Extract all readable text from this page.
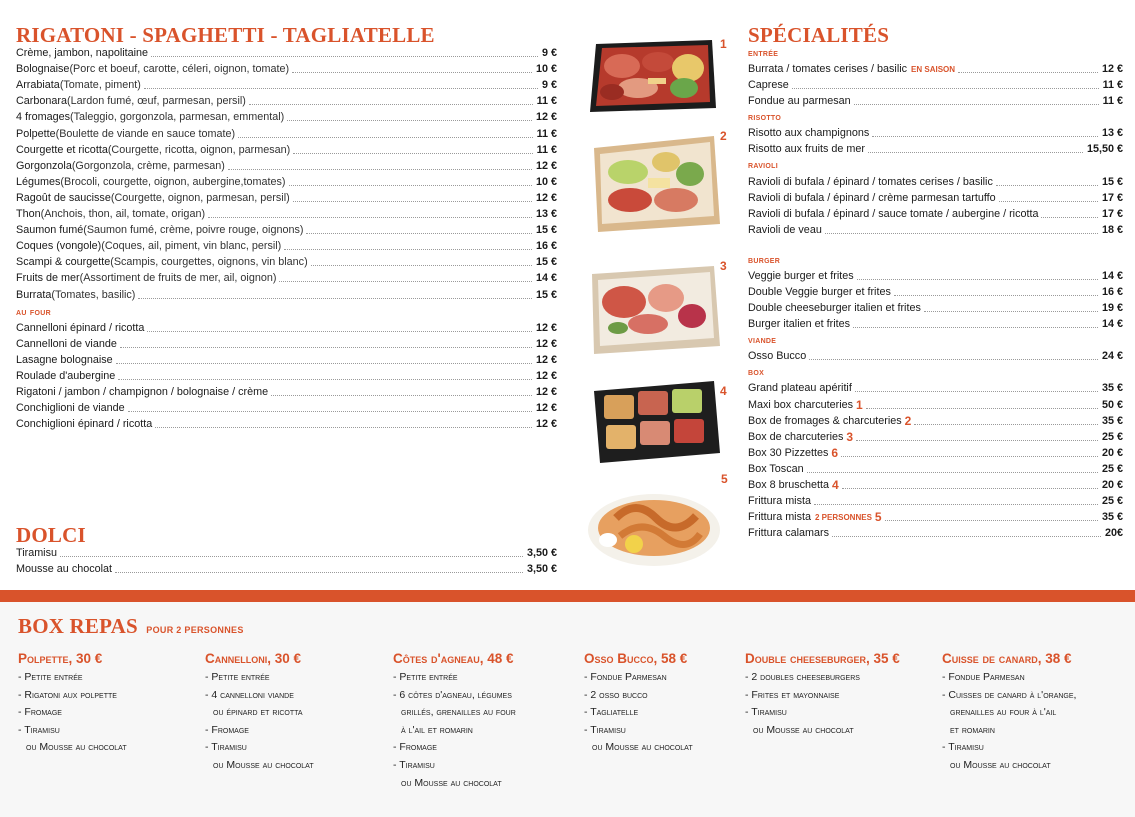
RIGATONI - SPAGHETTI - TAGLIATELLE
Crème, jambon, napolitaine	9 €
Bolognaise (Porc et boeuf, carotte, céleri, oignon, tomate)	10 €
Arrabiata (Tomate, piment)	9 €
Carbonara (Lardon fumé, œuf, parmesan, persil)	11 €
4 fromages (Taleggio, gorgonzola, parmesan, emmental)	12 €
Polpette (Boulette de viande en sauce tomate)	11 €
Courgette et ricotta (Courgette, ricotta, oignon, parmesan)	11 €
Gorgonzola (Gorgonzola, crème, parmesan)	12 €
Légumes (Brocoli, courgette, oignon, aubergine,tomates)	10 €
Ragoût de saucisse (Courgette, oignon, parmesan, persil)	12 €
Thon (Anchois, thon, ail, tomate, origan)	13 €
Saumon fumé (Saumon fumé, crème, poivre rouge, oignons)	15 €
Coques (vongole) (Coques, ail, piment, vin blanc, persil)	16 €
Scampi & courgette (Scampis, courgettes, oignons, vin blanc)	15 €
Fruits de mer (Assortiment de fruits de mer, ail, oignon)	14 €
Burrata (Tomates, basilic)	15 €
au four
Cannelloni épinard / ricotta	12 €
Cannelloni de viande	12 €
Lasagne bolognaise	12 €
Roulade d'aubergine	12 €
Rigatoni / jambon / champignon / bolognaise / crème	12 €
Conchiglioni de viande	12 €
Conchiglioni épinard / ricotta	12 €
DOLCI
Tiramisu	3,50 €
Mousse au chocolat	3,50 €
1
2
3
4
5
SPÉCIALITÉS
entrée
Burrata / tomates cerises / basilic EN SAISON	12 €
Caprese	11 €
Fondue au parmesan	11 €
risotto
Risotto aux champignons	13 €
Risotto aux fruits de mer	15,50 €
ravioli
Ravioli di bufala / épinard / tomates cerises / basilic	15 €
Ravioli di bufala / épinard / crème parmesan tartuffo	17 €
Ravioli di bufala / épinard / sauce tomate / aubergine / ricotta	17 €
Ravioli de veau	18 €
burger
Veggie burger et frites	14 €
Double Veggie burger et frites	16 €
Double cheeseburger italien et frites	19 €
Burger italien et frites	14 €
viande
Osso Bucco	24 €
box
Grand plateau apéritif	35 €
Maxi box charcuteries 1	50 €
Box de fromages & charcuteries 2	35 €
Box de charcuteries 3	25 €
Box 30 Pizzettes 6	20 €
Box Toscan	25 €
Box 8 bruschetta 4	20 €
Frittura mista	25 €
Frittura mista 2 PERSONNES 5	35 €
Frittura calamars	20€
BOX REPAS POUR 2 PERSONNES
Polpette, 30 €
- Petite entrée
- Rigatoni aux polpette
- Fromage
- Tiramisu
ou Mousse au chocolat
Cannelloni, 30 €
- Petite entrée
- 4 cannelloni viande
ou épinard et ricotta
- Fromage
- Tiramisu
ou Mousse au chocolat
Côtes d'agneau, 48 €
- Petite entrée
- 6 côtes d'agneau, légumes
grillés, grenailles au four
à l'ail et romarin
- Fromage
- Tiramisu
ou Mousse au chocolat
Osso Bucco, 58 €
- Fondue Parmesan
- 2 osso bucco
- Tagliatelle
- Tiramisu
ou Mousse au chocolat
Double cheeseburger, 35 €
- 2 doubles cheeseburgers
- Frites et mayonnaise
- Tiramisu
ou Mousse au chocolat
Cuisse de canard, 38 €
- Fondue Parmesan
- Cuisses de canard à l'orange,
grenailles au four à l'ail
et romarin
- Tiramisu
ou Mousse au chocolat
